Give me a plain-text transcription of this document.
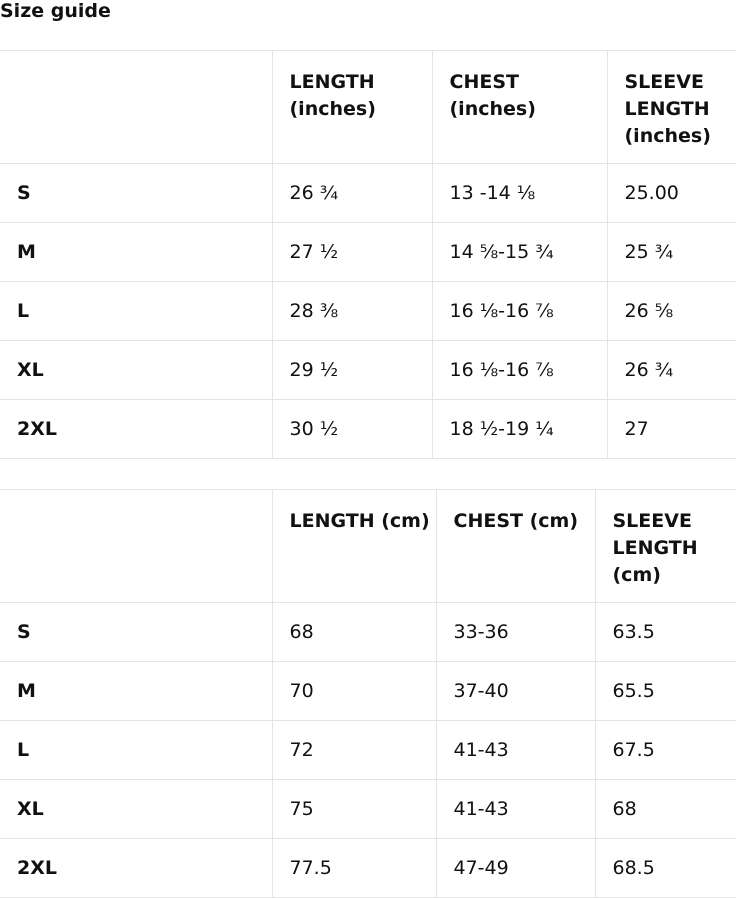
Size guide
	LENGTH (inches)	CHEST (inches)	SLEEVE LENGTH (inches)
S	26 ¾	13 -14 ⅛	25.00
M	27 ½	14 ⅝-15 ¾	25 ¾
L	28 ⅜	16 ⅛-16 ⅞	26 ⅝
XL	29 ½	16 ⅛-16 ⅞	26 ¾
2XL	30 ½	18 ½-19 ¼	27
	LENGTH (cm)	CHEST (cm)	SLEEVE LENGTH (cm)
S	68	33-36	63.5
M	70	37-40	65.5
L	72	41-43	67.5
XL	75	41-43	68
2XL	77.5	47-49	68.5
